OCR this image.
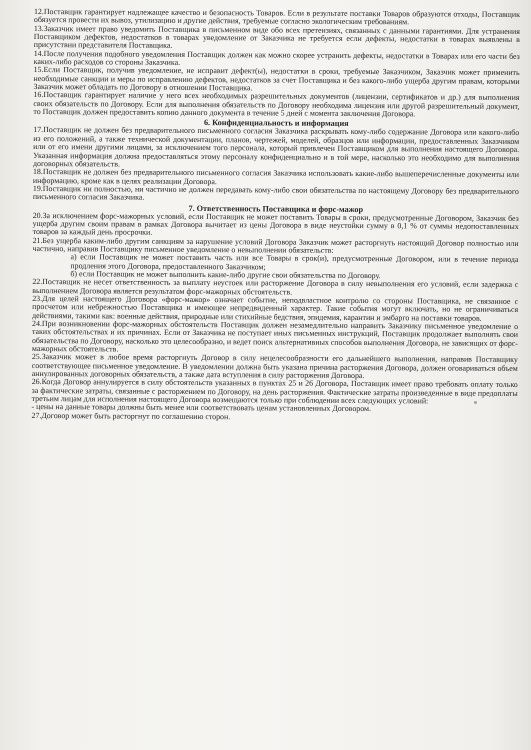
12.Поставщик гарантирует надлежащее качество и безопасность Товаров. Если в результате поставки Товаров образуются отходы, Поставщик обязуется провести их вывоз, утилизацию и другие действия, требуемые согласно экологическим требованиям.

13.Заказчик имеет право уведомить Поставщика в письменном виде обо всех претензиях, связанных с данными гарантиями. Для устранения Поставщиком дефектов, недостатков в товарах уведомление от Заказчика не требуется если дефекты, недостатки в товарах выявлены в присутствии представителя Поставщика.

14.После получения подобного уведомления Поставщик должен как можно скорее устранить дефекты, недостатки в Товарах или его части без каких-либо расходов со стороны Заказчика.

15.Если Поставщик, получив уведомление, не исправит дефект(ы), недостатки в сроки, требуемые Заказчиком, Заказчик может применить необходимые санкции и меры по исправлению дефектов, недостатков за счет Поставщика и без какого-либо ущерба другим правам, которыми Заказчик может обладать по Договору в отношении Поставщика.

16.Поставщик гарантирует наличие у него всех необходимых разрешительных документов (лицензии, сертификатов и др.) для выполнения своих обязательств по Договору. Если для выполнения обязательств по Договору необходима лицензия или другой разрешительный документ, то Поставщик должен предоставить копию данного документа в течение 5 дней с момента заключения Договора.

6. Конфиденциальность и информация

17.Поставщик не должен без предварительного письменного согласия Заказчика раскрывать кому-либо содержание Договора или какого-либо из его положений, а также технической документации, планов, чертежей, моделей, образцов или информации, предоставленных Заказчиком или от его имени другими лицами, за исключением того персонала, который привлечен Поставщиком для выполнения настоящего Договора. Указанная информация должна предоставляться этому персоналу конфиденциально и в той мере, насколько это необходимо для выполнения договорных обязательств.

18.Поставщик не должен без предварительного письменного согласия Заказчика использовать какие-либо вышеперечисленные документы или информацию, кроме как в целях реализации Договора.

19.Поставщик ни полностью, ни частично не должен передавать кому-либо свои обязательства по настоящему Договору без предварительного письменного согласия Заказчика.

7. Ответственность Поставщика и форс-мажор

20.За исключением форс-мажорных условий, если Поставщик не может поставить Товары в сроки, предусмотренные Договором, Заказчик без ущерба другим своим правам в рамках Договора вычитает из цены Договора в виде неустойки сумму в 0,1 % от суммы недопоставленных товаров за каждый день просрочки.

21.Без ущерба каким-либо другим санкциям за нарушение условий Договора Заказчик может расторгнуть настоящий Договор полностью или частично, направив Поставщику письменное уведомление о невыполнении обязательств:

а) если Поставщик не может поставить часть или все Товары в срок(и), предусмотренные Договором, или в течение периода продления этого Договора, предоставленного Заказчиком;

б) если Поставщик не может выполнить какие-либо другие свои обязательства по Договору.

22.Поставщик не несет ответственность за выплату неустоек или расторжение Договора в силу невыполнения его условий, если задержка с выполнением Договора является результатом форс-мажорных обстоятельств.

23.Для целей настоящего Договора «форс-мажор» означает событие, неподвластное контролю со стороны Поставщика, не связанное с просчетом или небрежностью Поставщика и имеющее непредвиденный характер. Такие события могут включать, но не ограничиваться действиями, такими как: военные действия, природные или стихийные бедствия, эпидемия, карантин и эмбарго на поставки товаров.

24.При возникновении форс-мажорных обстоятельств Поставщик должен незамедлительно направить Заказчику письменное уведомление о таких обстоятельствах и их причинах. Если от Заказчика не поступает иных письменных инструкций, Поставщик продолжает выполнять свои обязательства по Договору, насколько это целесообразно, и ведет поиск альтернативных способов выполнения Договора, не зависящих от форс-мажорных обстоятельств.

25.Заказчик может в любое время расторгнуть Договор в силу нецелесообразности его дальнейшего выполнения, направив Поставщику соответствующее письменное уведомление. В уведомлении должна быть указана причина расторжения Договора, должен оговариваться объем аннулированных договорных обязательств, а также дата вступления в силу расторжения Договора.

26.Когда Договор аннулируется в силу обстоятельств указанных в пунктах 25 и 26 Договора, Поставщик имеет право требовать оплату только за фактические затраты, связанные с расторжением по Договору, на день расторжения. Фактические затраты произведенные в виде предоплаты третьим лицам для исполнения настоящего Договора возмещаются только при соблюдении всех следующих условий:

- цены на данные товары должны быть менее или соответствовать ценам установленных Договором.

27.Договор может быть расторгнут по соглашению сторон.
